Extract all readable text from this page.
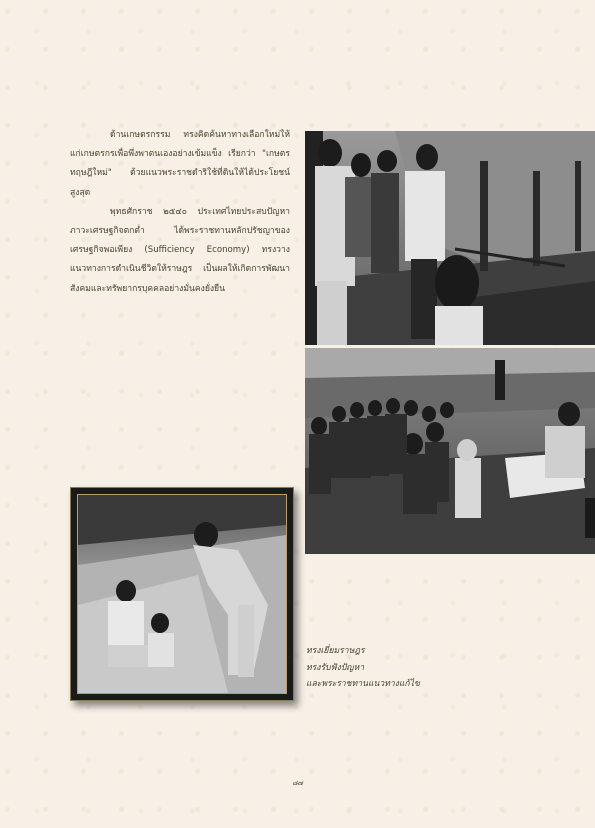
ด้านเกษตรกรรม ทรงคิดค้นหาทางเลือกใหม่ให้แก่เกษตรกรเพื่อพึ่งพาตนเองอย่างเข้มแข็ง เรียกว่า "เกษตรทฤษฎีใหม่" ด้วยแนวพระราชดำริใช้ที่ดินให้ได้ประโยชน์สูงสุด

พุทธศักราช ๒๕๔๐ ประเทศไทยประสบปัญหาภาวะเศรษฐกิจตกต่ำ ได้พระราชทานหลักปรัชญาของเศรษฐกิจพอเพียง (Sufficiency Economy) ทรงวางแนวทางการดำเนินชีวิตให้ราษฎร เป็นผลให้เกิดการพัฒนาสังคมและทรัพยากรบุคคลอย่างมั่นคงยั่งยืน

ทรงเยี่ยมราษฎร
ทรงรับฟังปัญหา
และพระราชทานแนวทางแก้ไข
๘๗
